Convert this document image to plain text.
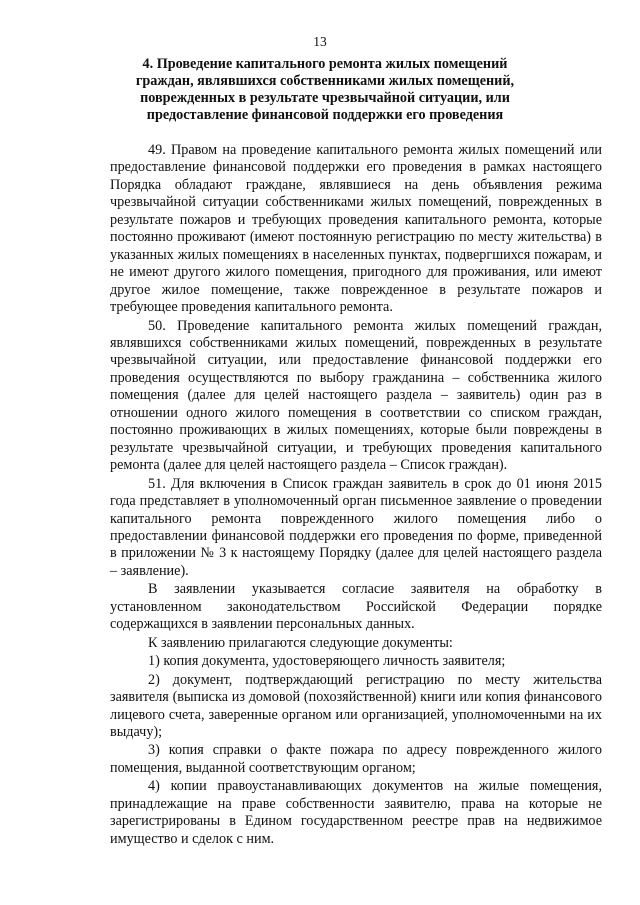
13
4. Проведение капитального ремонта жилых помещений граждан, являвшихся собственниками жилых помещений, поврежденных в результате чрезвычайной ситуации, или предоставление финансовой поддержки его проведения

49. Правом на проведение капитального ремонта жилых помещений или предоставление финансовой поддержки его проведения в рамках настоящего Порядка обладают граждане, являвшиеся на день объявления режима чрезвычайной ситуации собственниками жилых помещений, поврежденных в результате пожаров и требующих проведения капитального ремонта, которые постоянно проживают (имеют постоянную регистрацию по месту жительства) в указанных жилых помещениях в населенных пунктах, подвергшихся пожарам, и не имеют другого жилого помещения, пригодного для проживания, или имеют другое жилое помещение, также поврежденное в результате пожаров и требующее проведения капитального ремонта.

50. Проведение капитального ремонта жилых помещений граждан, являвшихся собственниками жилых помещений, поврежденных в результате чрезвычайной ситуации, или предоставление финансовой поддержки его проведения осуществляются по выбору гражданина – собственника жилого помещения (далее для целей настоящего раздела – заявитель) один раз в отношении одного жилого помещения в соответствии со списком граждан, постоянно проживающих в жилых помещениях, которые были повреждены в результате чрезвычайной ситуации, и требующих проведения капитального ремонта (далее для целей настоящего раздела – Список граждан).

51. Для включения в Список граждан заявитель в срок до 01 июня 2015 года представляет в уполномоченный орган письменное заявление о проведении капитального ремонта поврежденного жилого помещения либо о предоставлении финансовой поддержки его проведения по форме, приведенной в приложении № 3 к настоящему Порядку (далее для целей настоящего раздела – заявление).

В заявлении указывается согласие заявителя на обработку в установленном законодательством Российской Федерации порядке содержащихся в заявлении персональных данных.

К заявлению прилагаются следующие документы:

1) копия документа, удостоверяющего личность заявителя;

2) документ, подтверждающий регистрацию по месту жительства заявителя (выписка из домовой (похозяйственной) книги или копия финансового лицевого счета, заверенные органом или организацией, уполномоченными на их выдачу);

3) копия справки о факте пожара по адресу поврежденного жилого помещения, выданной соответствующим органом;

4) копии правоустанавливающих документов на жилые помещения, принадлежащие на праве собственности заявителю, права на которые не зарегистрированы в Едином государственном реестре прав на недвижимое имущество и сделок с ним.
